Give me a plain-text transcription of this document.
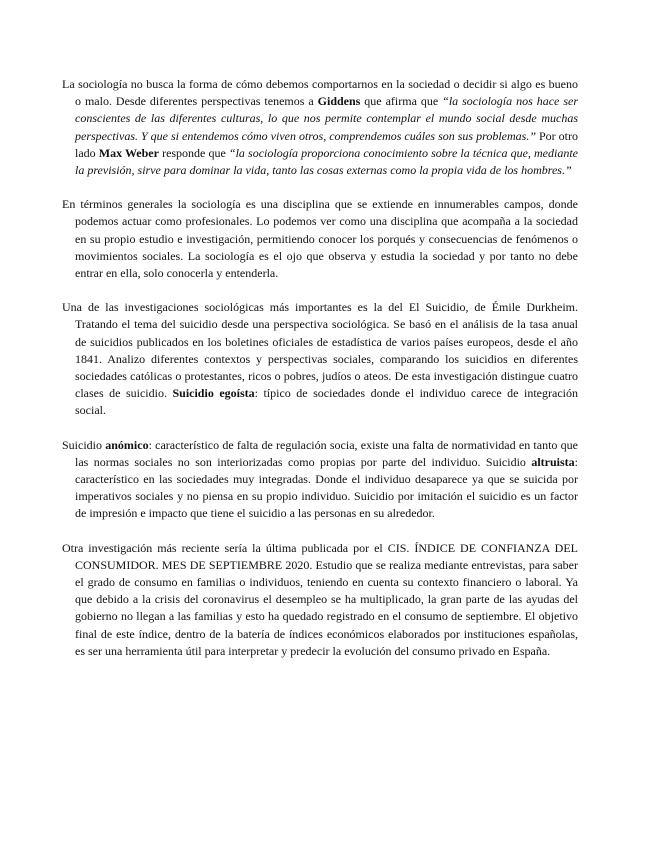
La sociología no busca la forma de cómo debemos comportarnos en la sociedad o decidir si algo es bueno o malo. Desde diferentes perspectivas tenemos a Giddens que afirma que “la sociología nos hace ser conscientes de las diferentes culturas, lo que nos permite contemplar el mundo social desde muchas perspectivas. Y que si entendemos cómo viven otros, comprendemos cuáles son sus problemas.” Por otro lado Max Weber responde que “la sociología proporciona conocimiento sobre la técnica que, mediante la previsión, sirve para dominar la vida, tanto las cosas externas como la propia vida de los hombres.”

En términos generales la sociología es una disciplina que se extiende en innumerables campos, donde podemos actuar como profesionales. Lo podemos ver como una disciplina que acompaña a la sociedad en su propio estudio e investigación, permitiendo conocer los porqués y consecuencias de fenómenos o movimientos sociales. La sociología es el ojo que observa y estudia la sociedad y por tanto no debe entrar en ella, solo conocerla y entenderla.

Una de las investigaciones sociológicas más importantes es la del El Suicidio, de Émile Durkheim. Tratando el tema del suicidio desde una perspectiva sociológica. Se basó en el análisis de la tasa anual de suicidios publicados en los boletines oficiales de estadística de varios países europeos, desde el año 1841. Analizo diferentes contextos y perspectivas sociales, comparando los suicidios en diferentes sociedades católicas o protestantes, ricos o pobres, judíos o ateos. De esta investigación distingue cuatro clases de suicidio. Suicidio egoísta: típico de sociedades donde el individuo carece de integración social.

Suicidio anómico: característico de falta de regulación socia, existe una falta de normatividad en tanto que las normas sociales no son interiorizadas como propias por parte del individuo. Suicidio altruista: característico en las sociedades muy integradas. Donde el individuo desaparece ya que se suicida por imperativos sociales y no piensa en su propio individuo. Suicidio por imitación el suicidio es un factor de impresión e impacto que tiene el suicidio a las personas en su alrededor.

Otra investigación más reciente sería la última publicada por el CIS. ÍNDICE DE CONFIANZA DEL CONSUMIDOR. MES DE SEPTIEMBRE 2020. Estudio que se realiza mediante entrevistas, para saber el grado de consumo en familias o individuos, teniendo en cuenta su contexto financiero o laboral. Ya que debido a la crisis del coronavirus el desempleo se ha multiplicado, la gran parte de las ayudas del gobierno no llegan a las familias y esto ha quedado registrado en el consumo de septiembre. El objetivo final de este índice, dentro de la batería de índices económicos elaborados por instituciones españolas, es ser una herramienta útil para interpretar y predecir la evolución del consumo privado en España.
